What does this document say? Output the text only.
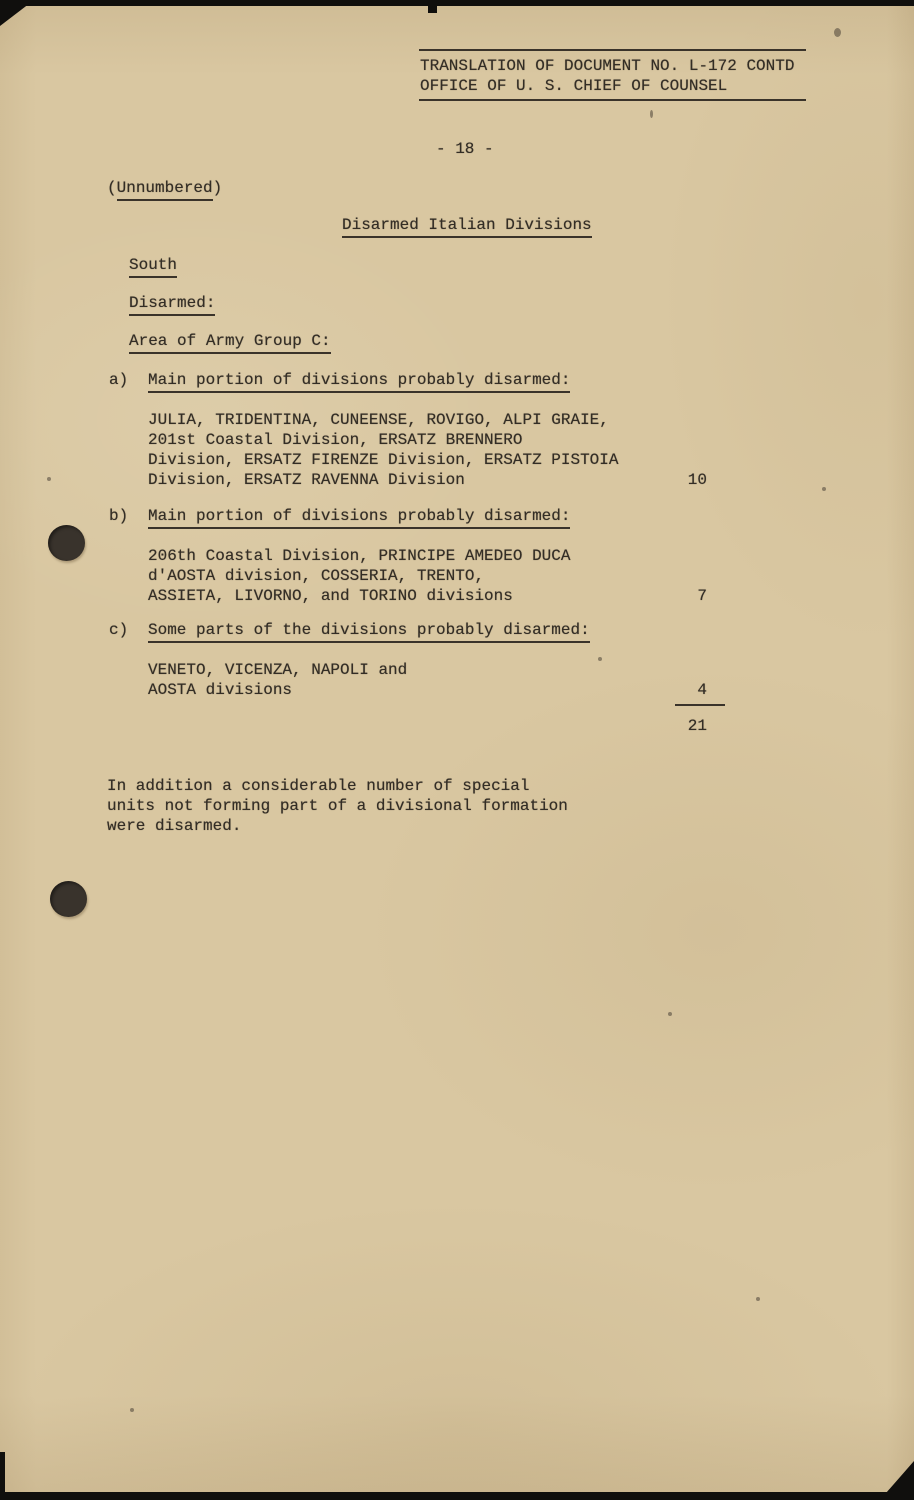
TRANSLATION OF DOCUMENT NO. L-172 CONTD
OFFICE OF U. S. CHIEF OF COUNSEL
- 18 -
(Unnumbered)
Disarmed Italian Divisions
South
Disarmed:
Area of Army Group C:
a) Main portion of divisions probably disarmed:
JULIA, TRIDENTINA, CUNEENSE, ROVIGO, ALPI GRAIE,
201st Coastal Division, ERSATZ BRENNERO
Division, ERSATZ FIRENZE Division, ERSATZ PISTOIA
Division, ERSATZ RAVENNA Division	10
b) Main portion of divisions probably disarmed:
206th Coastal Division, PRINCIPE AMEDEO DUCA
d'AOSTA division, COSSERIA, TRENTO,
ASSIETA, LIVORNO, and TORINO divisions	7
c) Some parts of the divisions probably disarmed:
VENETO, VICENZA, NAPOLI and
AOSTA divisions	4
21
In addition a considerable number of special
units not forming part of a divisional formation
were disarmed.
